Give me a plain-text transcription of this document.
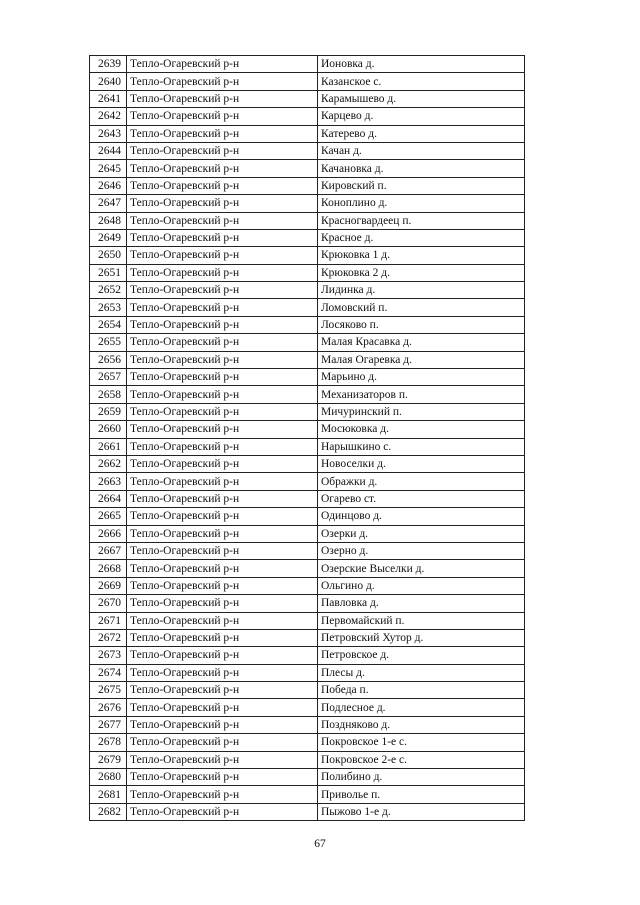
2639	Тепло-Огаревский р-н	Ионовка д.
2640	Тепло-Огаревский р-н	Казанское с.
2641	Тепло-Огаревский р-н	Карамышево д.
2642	Тепло-Огаревский р-н	Карцево д.
2643	Тепло-Огаревский р-н	Катерево д.
2644	Тепло-Огаревский р-н	Качан д.
2645	Тепло-Огаревский р-н	Качановка д.
2646	Тепло-Огаревский р-н	Кировский п.
2647	Тепло-Огаревский р-н	Коноплино д.
2648	Тепло-Огаревский р-н	Красногвардеец п.
2649	Тепло-Огаревский р-н	Красное д.
2650	Тепло-Огаревский р-н	Крюковка 1 д.
2651	Тепло-Огаревский р-н	Крюковка 2 д.
2652	Тепло-Огаревский р-н	Лидинка д.
2653	Тепло-Огаревский р-н	Ломовский п.
2654	Тепло-Огаревский р-н	Лосяково п.
2655	Тепло-Огаревский р-н	Малая Красавка д.
2656	Тепло-Огаревский р-н	Малая Огаревка д.
2657	Тепло-Огаревский р-н	Марьино д.
2658	Тепло-Огаревский р-н	Механизаторов п.
2659	Тепло-Огаревский р-н	Мичуринский п.
2660	Тепло-Огаревский р-н	Мосюковка д.
2661	Тепло-Огаревский р-н	Нарышкино с.
2662	Тепло-Огаревский р-н	Новоселки д.
2663	Тепло-Огаревский р-н	Ображки д.
2664	Тепло-Огаревский р-н	Огарево ст.
2665	Тепло-Огаревский р-н	Одинцово д.
2666	Тепло-Огаревский р-н	Озерки д.
2667	Тепло-Огаревский р-н	Озерно д.
2668	Тепло-Огаревский р-н	Озерские Выселки д.
2669	Тепло-Огаревский р-н	Ольгино д.
2670	Тепло-Огаревский р-н	Павловка д.
2671	Тепло-Огаревский р-н	Первомайский п.
2672	Тепло-Огаревский р-н	Петровский Хутор д.
2673	Тепло-Огаревский р-н	Петровское д.
2674	Тепло-Огаревский р-н	Плесы д.
2675	Тепло-Огаревский р-н	Победа п.
2676	Тепло-Огаревский р-н	Подлесное д.
2677	Тепло-Огаревский р-н	Поздняково д.
2678	Тепло-Огаревский р-н	Покровское 1-е с.
2679	Тепло-Огаревский р-н	Покровское 2-е с.
2680	Тепло-Огаревский р-н	Полибино д.
2681	Тепло-Огаревский р-н	Приволье п.
2682	Тепло-Огаревский р-н	Пыжово 1-е д.
67
